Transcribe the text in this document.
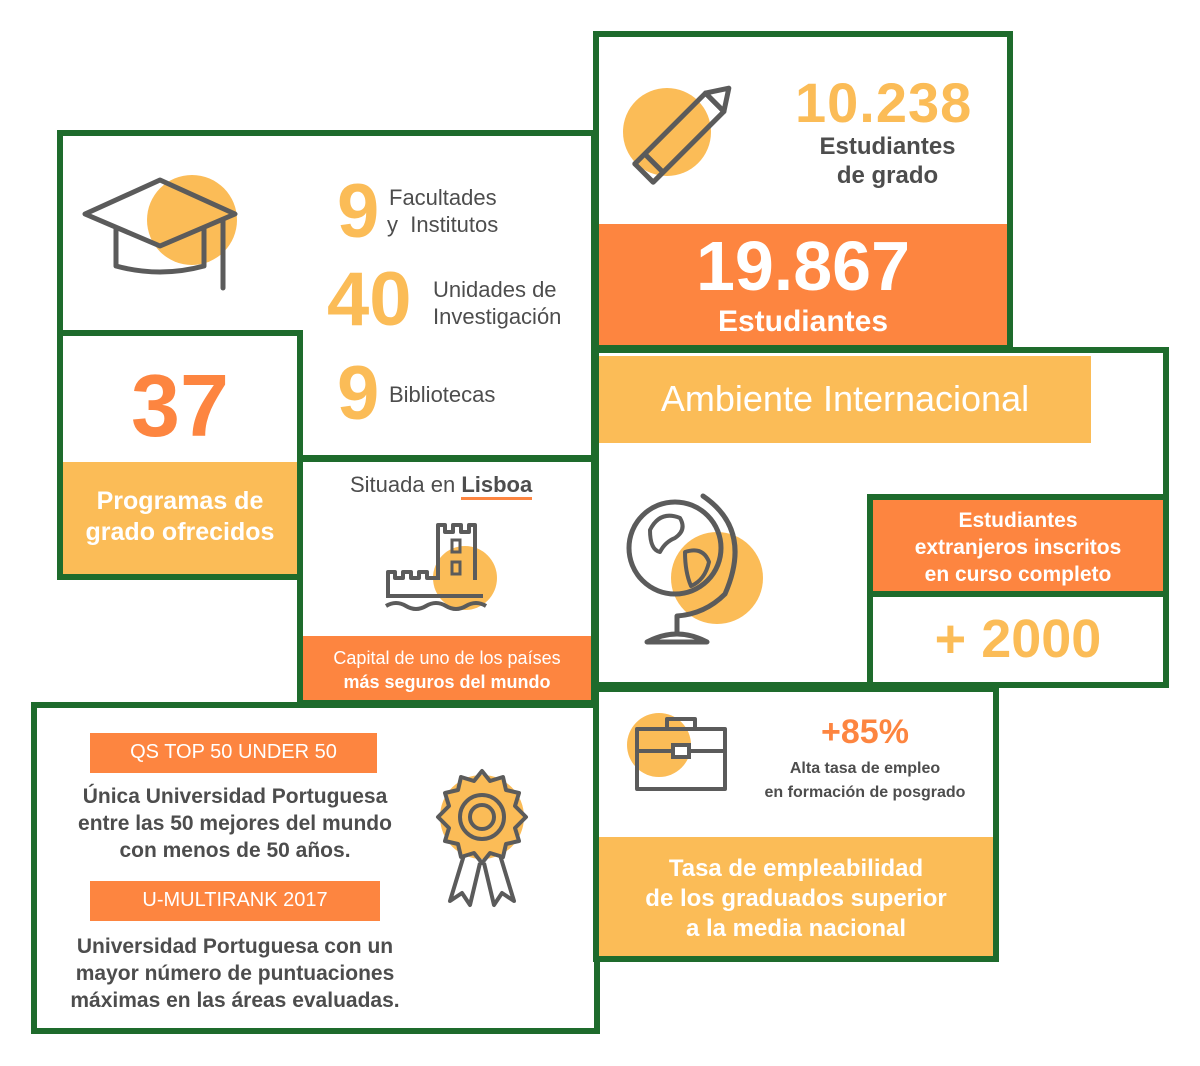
9 Facultades
y  Institutos
40 Unidades de
Investigación
9 Bibliotecas
10.238
Estudiantes
de grado
19.867
Estudiantes
37
Programas de
grado ofrecidos
Situada en Lisboa
Capital de uno de los países
más seguros del mundo
Ambiente Internacional
Estudiantes
extranjeros inscritos
en curso completo
+ 2000
QS TOP 50 UNDER 50
Única Universidad Portuguesa
entre las 50 mejores del mundo
con menos de 50 años.
U-MULTIRANK 2017
Universidad Portuguesa con un
mayor número de puntuaciones
máximas en las áreas evaluadas.
+85%
Alta tasa de empleo
en formación de posgrado
Tasa de empleabilidad
de los graduados superior
a la media nacional
